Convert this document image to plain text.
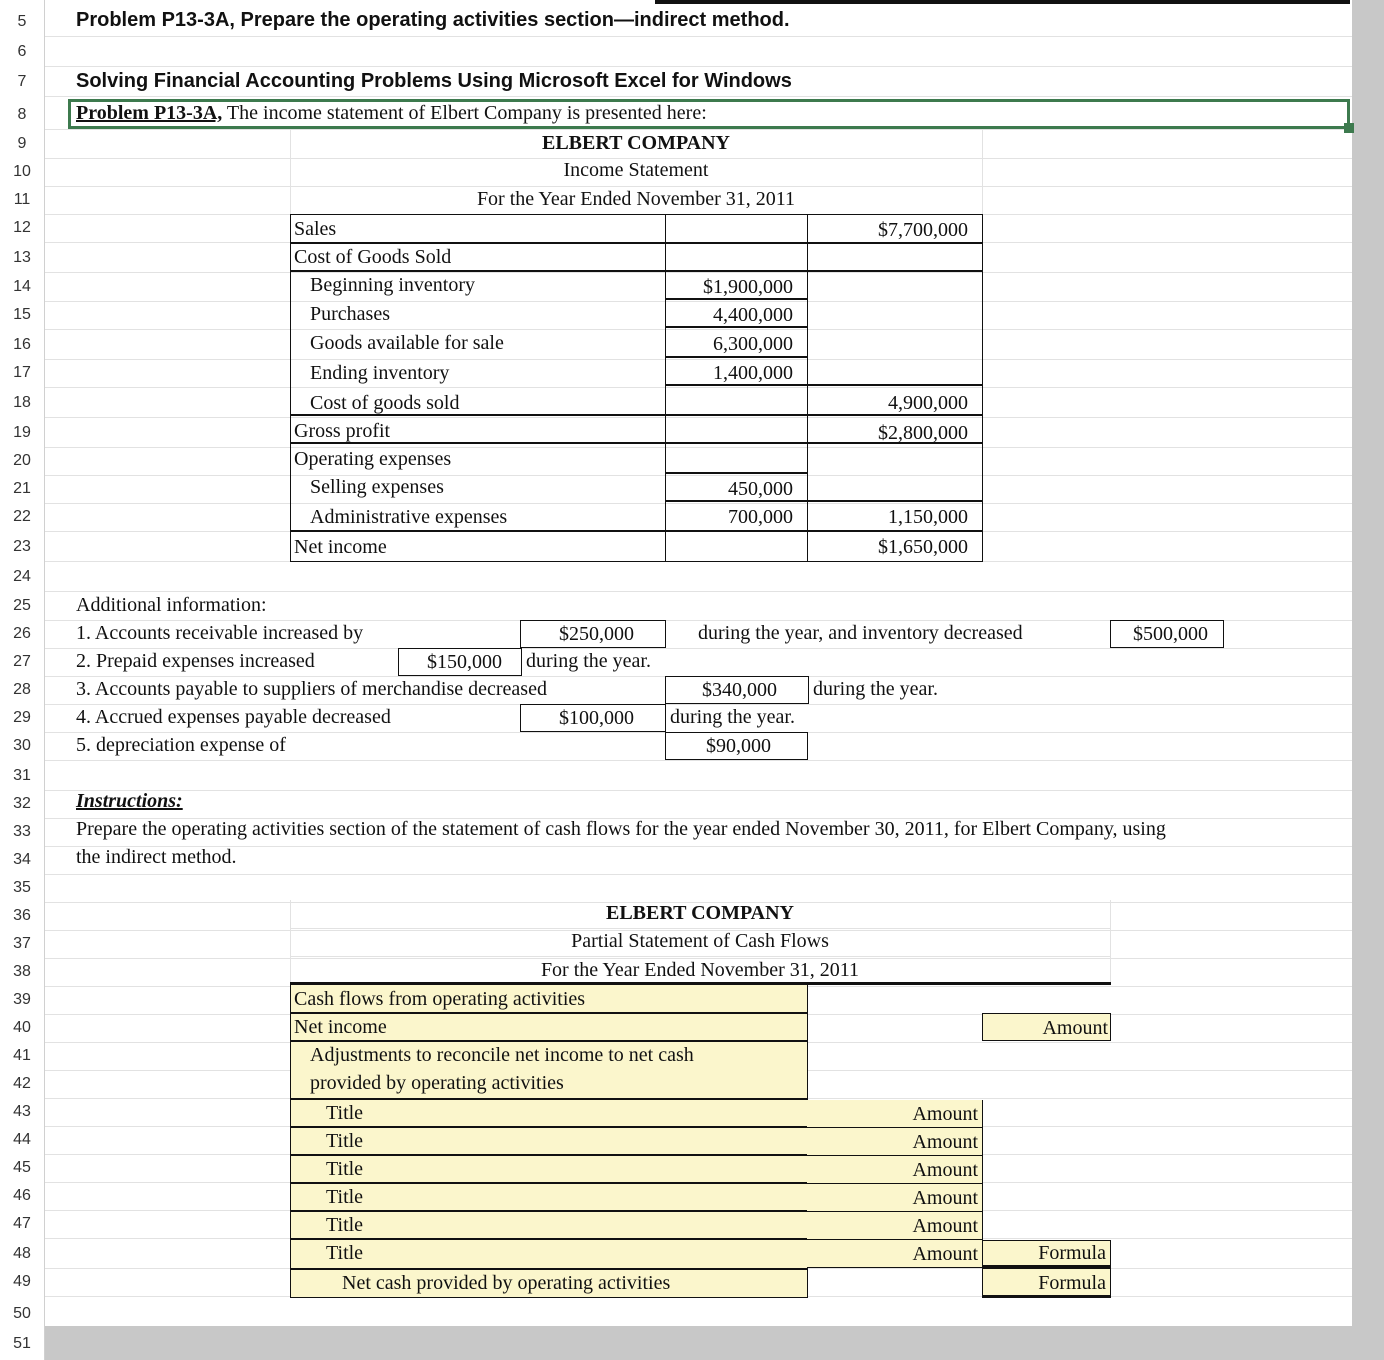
5
6
7
8
9
10
11
12
13
14
15
16
17
18
19
20
21
22
23
24
25
26
27
28
29
30
31
32
33
34
35
36
37
38
39
40
41
42
43
44
45
46
47
48
49
50
51
Problem P13-3A, Prepare the operating activities section—indirect method.
Solving Financial Accounting Problems Using Microsoft Excel for Windows
Problem P13-3A, The income statement of Elbert Company is presented here:
ELBERT COMPANY
Income Statement
For the Year Ended November 31, 2011
Sales	$7,700,000
Cost of Goods Sold
Beginning inventory	$1,900,000
Purchases	4,400,000
Goods available for sale	6,300,000
Ending inventory	1,400,000
Cost of goods sold	4,900,000
Gross profit	$2,800,000
Operating expenses
Selling expenses	450,000
Administrative expenses	700,000	1,150,000
Net income	$1,650,000
Additional information:
1. Accounts receivable increased by	$250,000	during the year, and inventory decreased	$500,000
2. Prepaid expenses increased	$150,000 during the year.
3. Accounts payable to suppliers of merchandise decreased	$340,000 during the year.
4. Accrued expenses payable decreased	$100,000 during the year.
5. depreciation expense of	$90,000
Instructions:
Prepare the operating activities section of the statement of cash flows for the year ended November 30, 2011, for Elbert Company, using
the indirect method.
ELBERT COMPANY
Partial Statement of Cash Flows
For the Year Ended November 31, 2011
Cash flows from operating activities
Net income	Amount
Adjustments to reconcile net income to net cash
provided by operating activities
Title	Amount
Title	Amount
Title	Amount
Title	Amount
Title	Amount
Title	Amount	Formula
Net cash provided by operating activities	Formula
